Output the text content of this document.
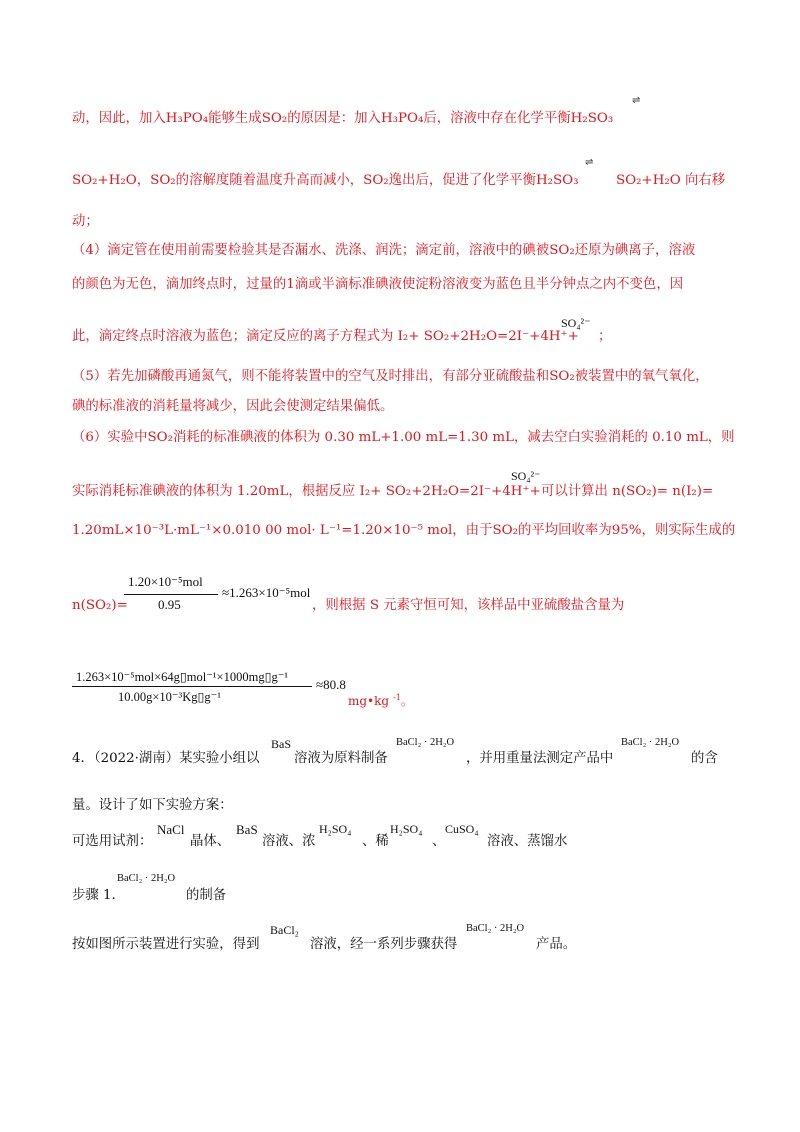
动，因此，加入H₃PO₄能够生成SO₂的原因是：加入H₃PO₄后，溶液中存在化学平衡H₂SO₃
⇌
SO₂+H₂O，SO₂的溶解度随着温度升高而减小，SO₂逸出后，促进了化学平衡H₂SO₃
⇌
SO₂+H₂O 向右移
动；
（4）滴定管在使用前需要检验其是否漏水、洗涤、润洗；滴定前，溶液中的碘被SO₂还原为碘离子，溶液
的颜色为无色，滴加终点时，过量的1滴或半滴标准碘液使淀粉溶液变为蓝色且半分钟点之内不变色，因
此，滴定终点时溶液为蓝色；滴定反应的离子方程式为 I₂+ SO₂+2H₂O=2I⁻+4H⁺+
SO₄²⁻
；
（5）若先加磷酸再通氮气，则不能将装置中的空气及时排出，有部分亚硫酸盐和SO₂被装置中的氧气氧化，
碘的标准液的消耗量将减少，因此会使测定结果偏低。
（6）实验中SO₂消耗的标准碘液的体积为 0.30 mL+1.00 mL=1.30 mL，减去空白实验消耗的 0.10 mL，则
实际消耗标准碘液的体积为 1.20mL，根据反应 I₂+ SO₂+2H₂O=2I⁻+4H⁺+
SO₄²⁻
可以计算出 n(SO₂)= n(I₂)=
1.20mL×10⁻³L·mL⁻¹×0.010 00 mol· L⁻¹=1.20×10⁻⁵ mol，由于SO₂的平均回收率为95%，则实际生成的
n(SO₂)=
1.20×10⁻⁵mol
0.95
≈1.263×10⁻⁵mol
，则根据 S 元素守恒可知，该样品中亚硫酸盐含量为
1.263×10⁻⁵mol×64g▯mol⁻¹×1000mg▯g⁻¹
10.00g×10⁻³Kg▯g⁻¹
≈80.8
mg•kg $^{-1}$。
4．（2022·湖南）某实验小组以
BaS
溶液为原料制备
BaCl₂ · 2H₂O
，并用重量法测定产品中
BaCl₂ · 2H₂O
的含
量。设计了如下实验方案：
可选用试剂：
NaCl
晶体、
BaS
溶液、浓
H₂SO₄
、稀
H₂SO₄
、
CuSO₄
溶液、蒸馏水
步骤 1.
BaCl₂ · 2H₂O
的制备
按如图所示装置进行实验，得到
BaCl₂
溶液，经一系列步骤获得
BaCl₂ · 2H₂O
产品。
